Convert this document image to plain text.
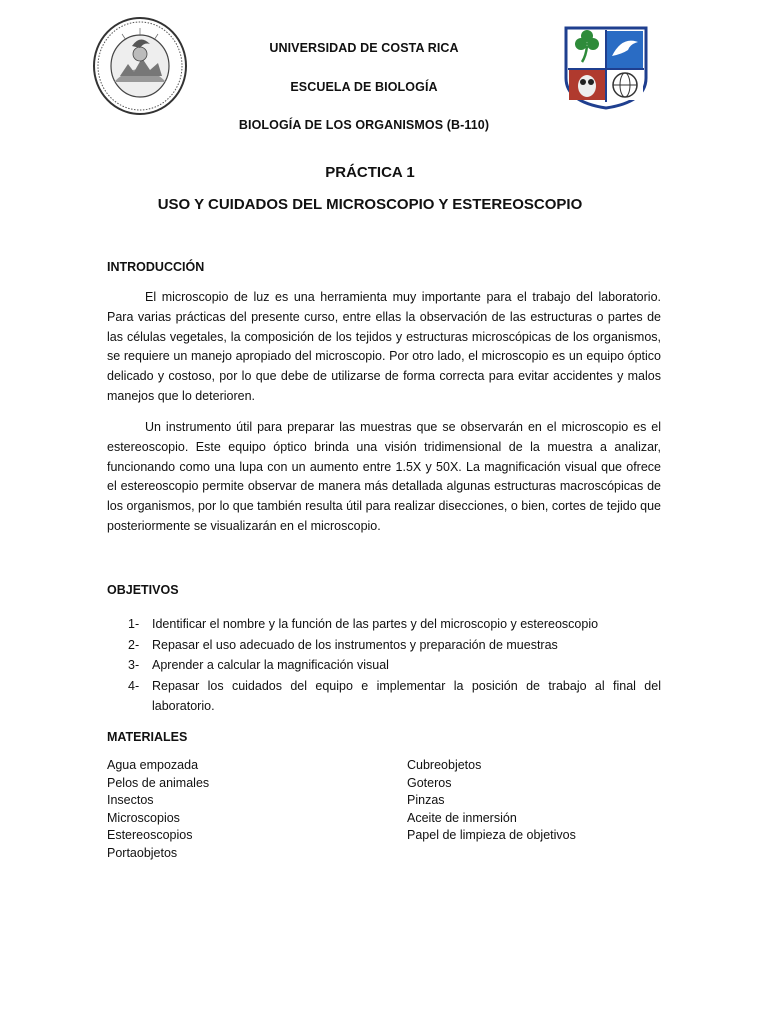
UNIVERSIDAD DE COSTA RICA
ESCUELA DE BIOLOGÍA
BIOLOGÍA DE LOS ORGANISMOS (B-110)
PRÁCTICA 1
USO Y CUIDADOS DEL MICROSCOPIO Y ESTEREOSCOPIO
INTRODUCCIÓN

El microscopio de luz es una herramienta muy importante para el trabajo del laboratorio. Para varias prácticas del presente curso, entre ellas la observación de las estructuras o partes de las células vegetales, la composición de los tejidos y estructuras microscópicas de los organismos, se requiere un manejo apropiado del microscopio. Por otro lado, el microscopio es un equipo óptico delicado y costoso, por lo que debe de utilizarse de forma correcta para evitar accidentes y malos manejos que lo deterioren.

Un instrumento útil para preparar las muestras que se observarán en el microscopio es el estereoscopio. Este equipo óptico brinda una visión tridimensional de la muestra a analizar, funcionando como una lupa con un aumento entre 1.5X y 50X. La magnificación visual que ofrece el estereoscopio permite observar de manera más detallada algunas estructuras macroscópicas de los organismos, por lo que también resulta útil para realizar disecciones, o bien, cortes de tejido que posteriormente se visualizarán en el microscopio.

OBJETIVOS
1- Identificar el nombre y la función de las partes y del microscopio y estereoscopio
2- Repasar el uso adecuado de los instrumentos y preparación de muestras
3- Aprender a calcular la magnificación visual
4- Repasar los cuidados del equipo e implementar la posición de trabajo al final del laboratorio.
MATERIALES
Agua empozada
Pelos de animales
Insectos
Microscopios
Estereoscopios
Portaobjetos
Cubreobjetos
Goteros
Pinzas
Aceite de inmersión
Papel de limpieza de objetivos
